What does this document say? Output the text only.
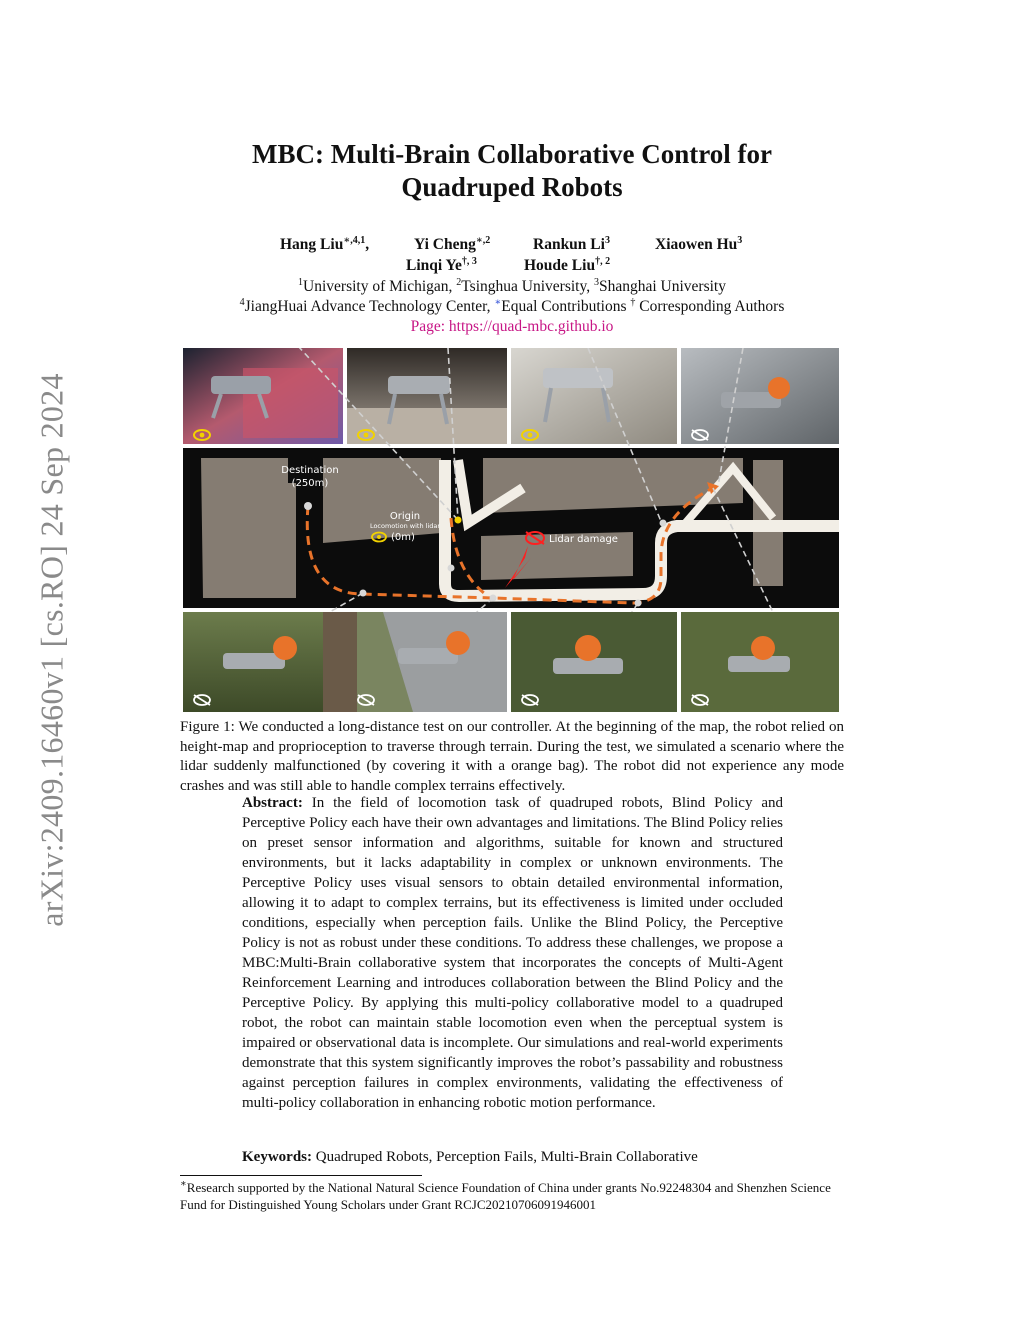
arXiv:2409.16460v1 [cs.RO] 24 Sep 2024
MBC: Multi-Brain Collaborative Control for
Quadruped Robots
Hang Liu$^{∗,4,1}$,	Yi Cheng$^{∗,2}$	Rankun Li$^3$	Xiaowen Hu$^3$
Linqi $Ye^{\dagger, 3}$	Houde Liu$^{\dagger, 2}$
$^1$University of Michigan, $^2$Tsinghua University, $^3$Shanghai University
$^4$JiangHuai Advance Technology Center, ∗Equal Contributions † Corresponding Authors
Page: https://quad-mbc.github.io
Destination
(250m)
Origin
Locomotion with lidar
(0m)	Lidar damage
Figure 1: We conducted a long-distance test on our controller. At the beginning of the map, the robot relied on height-map and proprioception to traverse through terrain. During the test, we simulated a scenario where the lidar suddenly malfunctioned (by covering it with a orange bag). The robot did not experience any mode crashes and was still able to handle complex terrains effectively.
Abstract: In the field of locomotion task of quadruped robots, Blind Policy and Perceptive Policy each have their own advantages and limitations. The Blind Policy relies on preset sensor information and algorithms, suitable for known and structured environments, but it lacks adaptability in complex or unknown environments. The Perceptive Policy uses visual sensors to obtain detailed environmental information, allowing it to adapt to complex terrains, but its effectiveness is limited under occluded conditions, especially when perception fails. Unlike the Blind Policy, the Perceptive Policy is not as robust under these conditions. To address these challenges, we propose a MBC:Multi-Brain collaborative system that incorporates the concepts of Multi-Agent Reinforcement Learning and introduces collaboration between the Blind Policy and the Perceptive Policy. By applying this multi-policy collaborative model to a quadruped robot, the robot can maintain stable locomotion even when the perceptual system is impaired or observational data is incomplete. Our simulations and real-world experiments demonstrate that this system significantly improves the robot’s passability and robustness against perception failures in complex environments, validating the effectiveness of multi-policy collaboration in enhancing robotic motion performance.
Keywords: Quadruped Robots, Perception Fails, Multi-Brain Collaborative
∗Research supported by the National Natural Science Foundation of China under grants No.92248304 and Shenzhen Science Fund for Distinguished Young Scholars under Grant RCJC20210706091946001
